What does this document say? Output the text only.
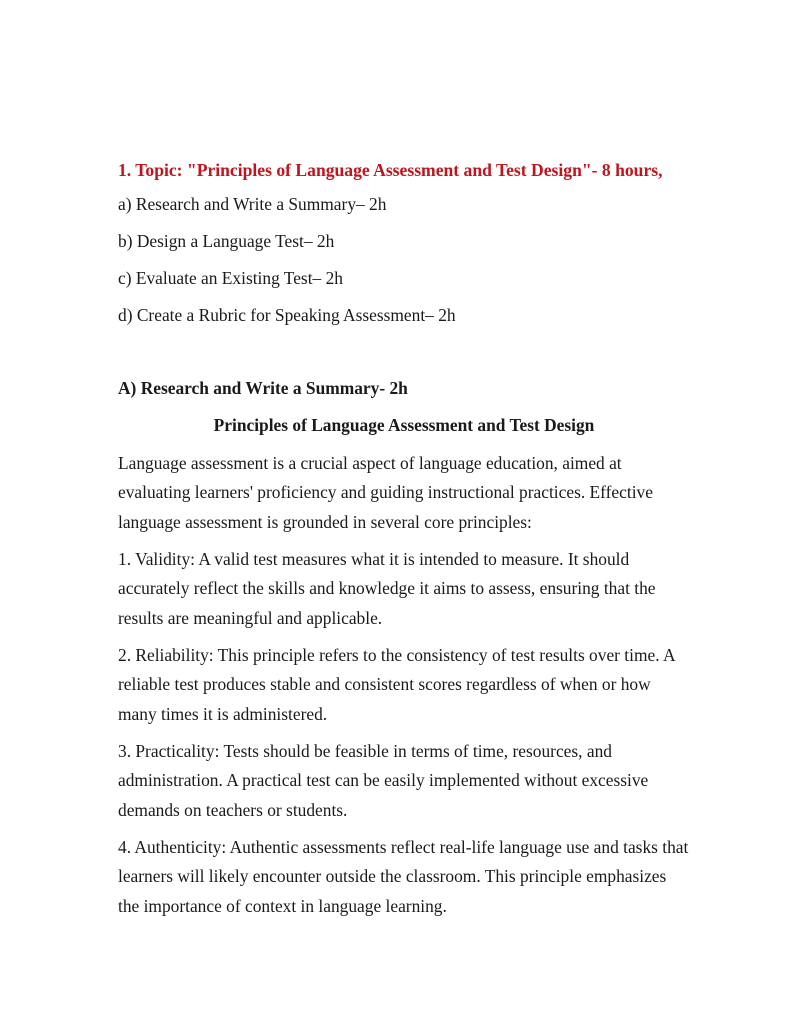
1. Topic: "Principles of Language Assessment and Test Design"- 8 hours,
a) Research and Write a Summary– 2h
b) Design a Language Test– 2h
c) Evaluate an Existing Test– 2h
d) Create a Rubric for Speaking Assessment– 2h
A) Research and Write a Summary- 2h
Principles of Language Assessment and Test Design

Language assessment is a crucial aspect of language education, aimed at evaluating learners' proficiency and guiding instructional practices. Effective language assessment is grounded in several core principles:

1. Validity: A valid test measures what it is intended to measure. It should accurately reflect the skills and knowledge it aims to assess, ensuring that the results are meaningful and applicable.

2. Reliability: This principle refers to the consistency of test results over time. A reliable test produces stable and consistent scores regardless of when or how many times it is administered.

3. Practicality: Tests should be feasible in terms of time, resources, and administration. A practical test can be easily implemented without excessive demands on teachers or students.

4. Authenticity: Authentic assessments reflect real-life language use and tasks that learners will likely encounter outside the classroom. This principle emphasizes the importance of context in language learning.
